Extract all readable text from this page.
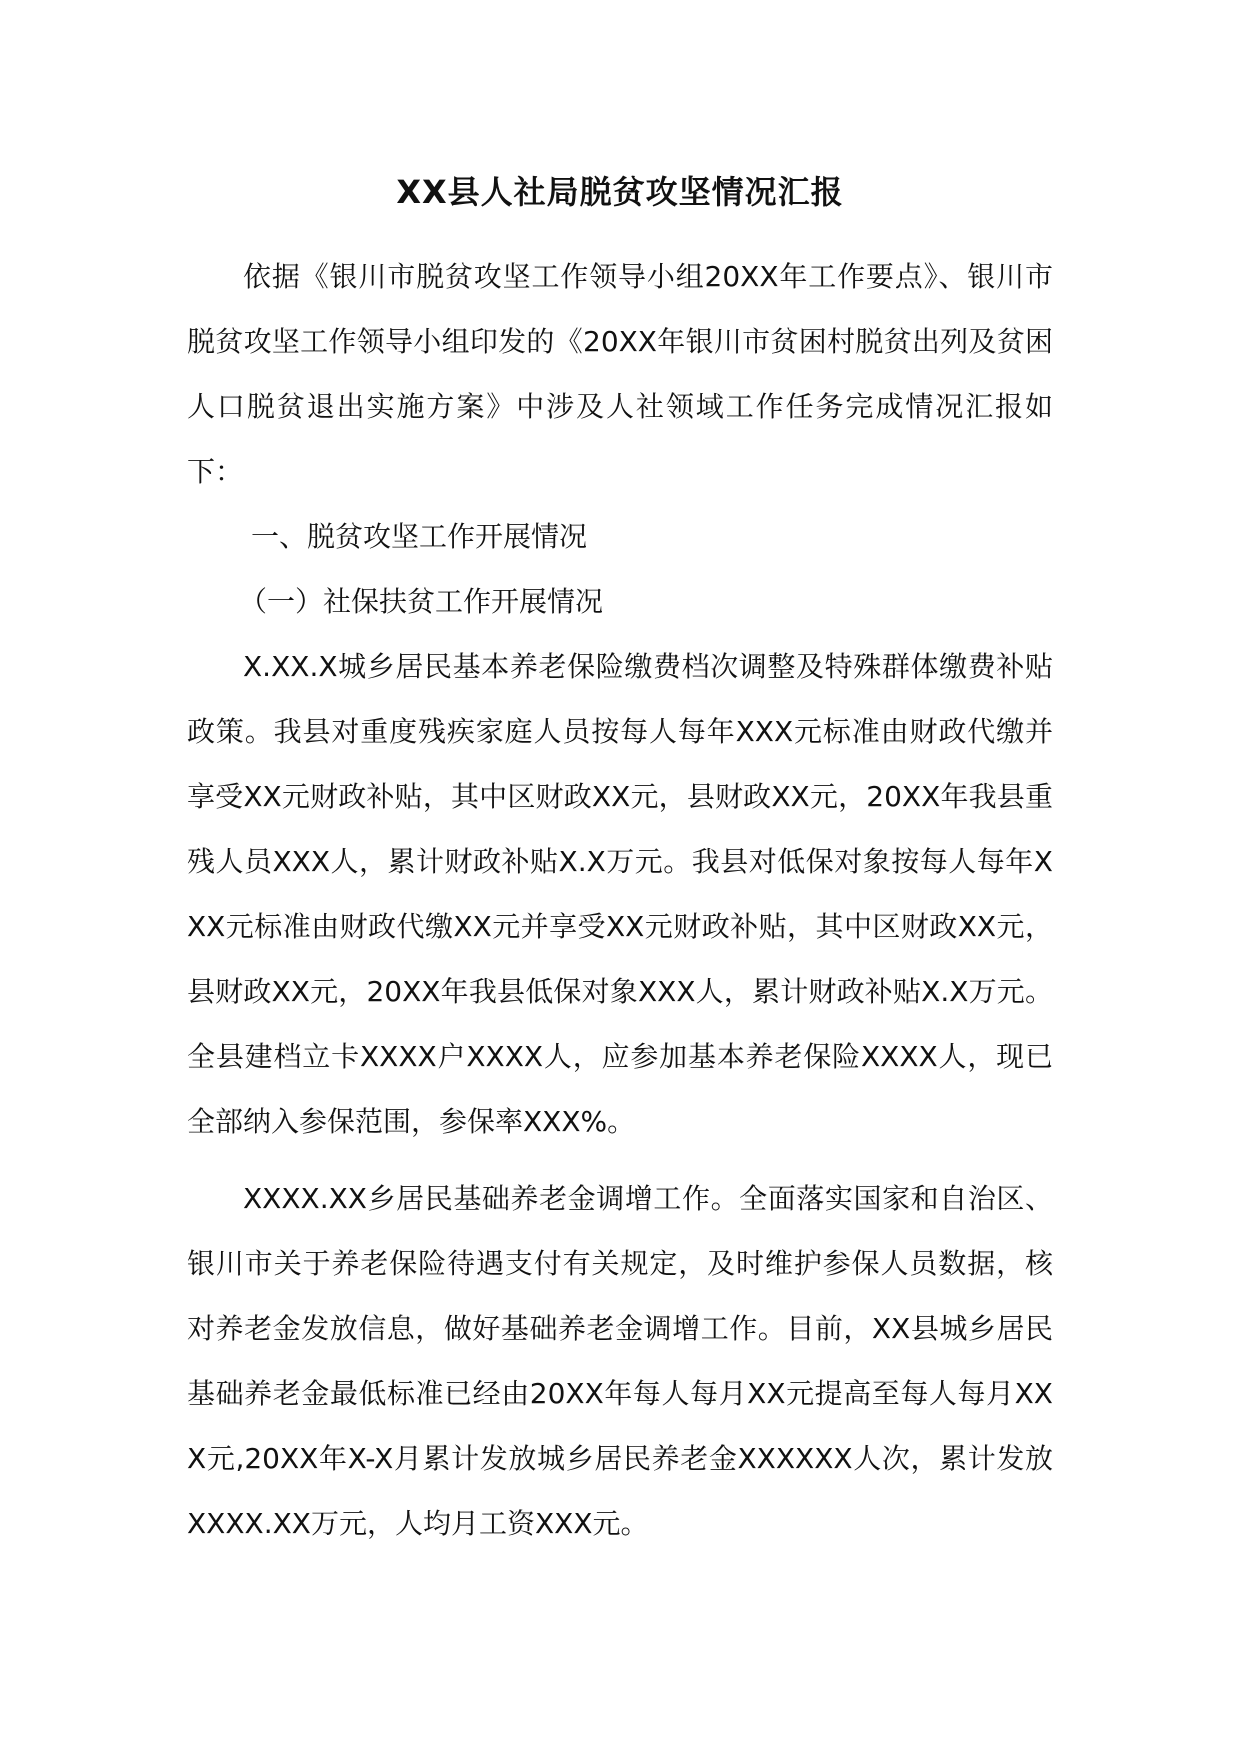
XX县人社局脱贫攻坚情况汇报

依据《银川市脱贫攻坚工作领导小组20XX年工作要点》、银川市脱贫攻坚工作领导小组印发的《20XX年银川市贫困村脱贫出列及贫困人口脱贫退出实施方案》中涉及人社领域工作任务完成情况汇报如下：

一、脱贫攻坚工作开展情况

（一）社保扶贫工作开展情况

X.XX.X城乡居民基本养老保险缴费档次调整及特殊群体缴费补贴政策。我县对重度残疾家庭人员按每人每年XXX元标准由财政代缴并享受XX元财政补贴，其中区财政XX元，县财政XX元，20XX年我县重残人员XXX人，累计财政补贴X.X万元。我县对低保对象按每人每年XXX元标准由财政代缴XX元并享受XX元财政补贴，其中区财政XX元，县财政XX元，20XX年我县低保对象XXX人，累计财政补贴X.X万元。全县建档立卡XXXX户XXXX人，应参加基本养老保险XXXX人，现已全部纳入参保范围，参保率XXX%。

XXXX.XX乡居民基础养老金调增工作。全面落实国家和自治区、银川市关于养老保险待遇支付有关规定，及时维护参保人员数据，核对养老金发放信息，做好基础养老金调增工作。目前，XX县城乡居民基础养老金最低标准已经由20XX年每人每月XX元提高至每人每月XXX元,20XX年X-X月累计发放城乡居民养老金XXXXXX人次，累计发放XXXX.XX万元，人均月工资XXX元。
